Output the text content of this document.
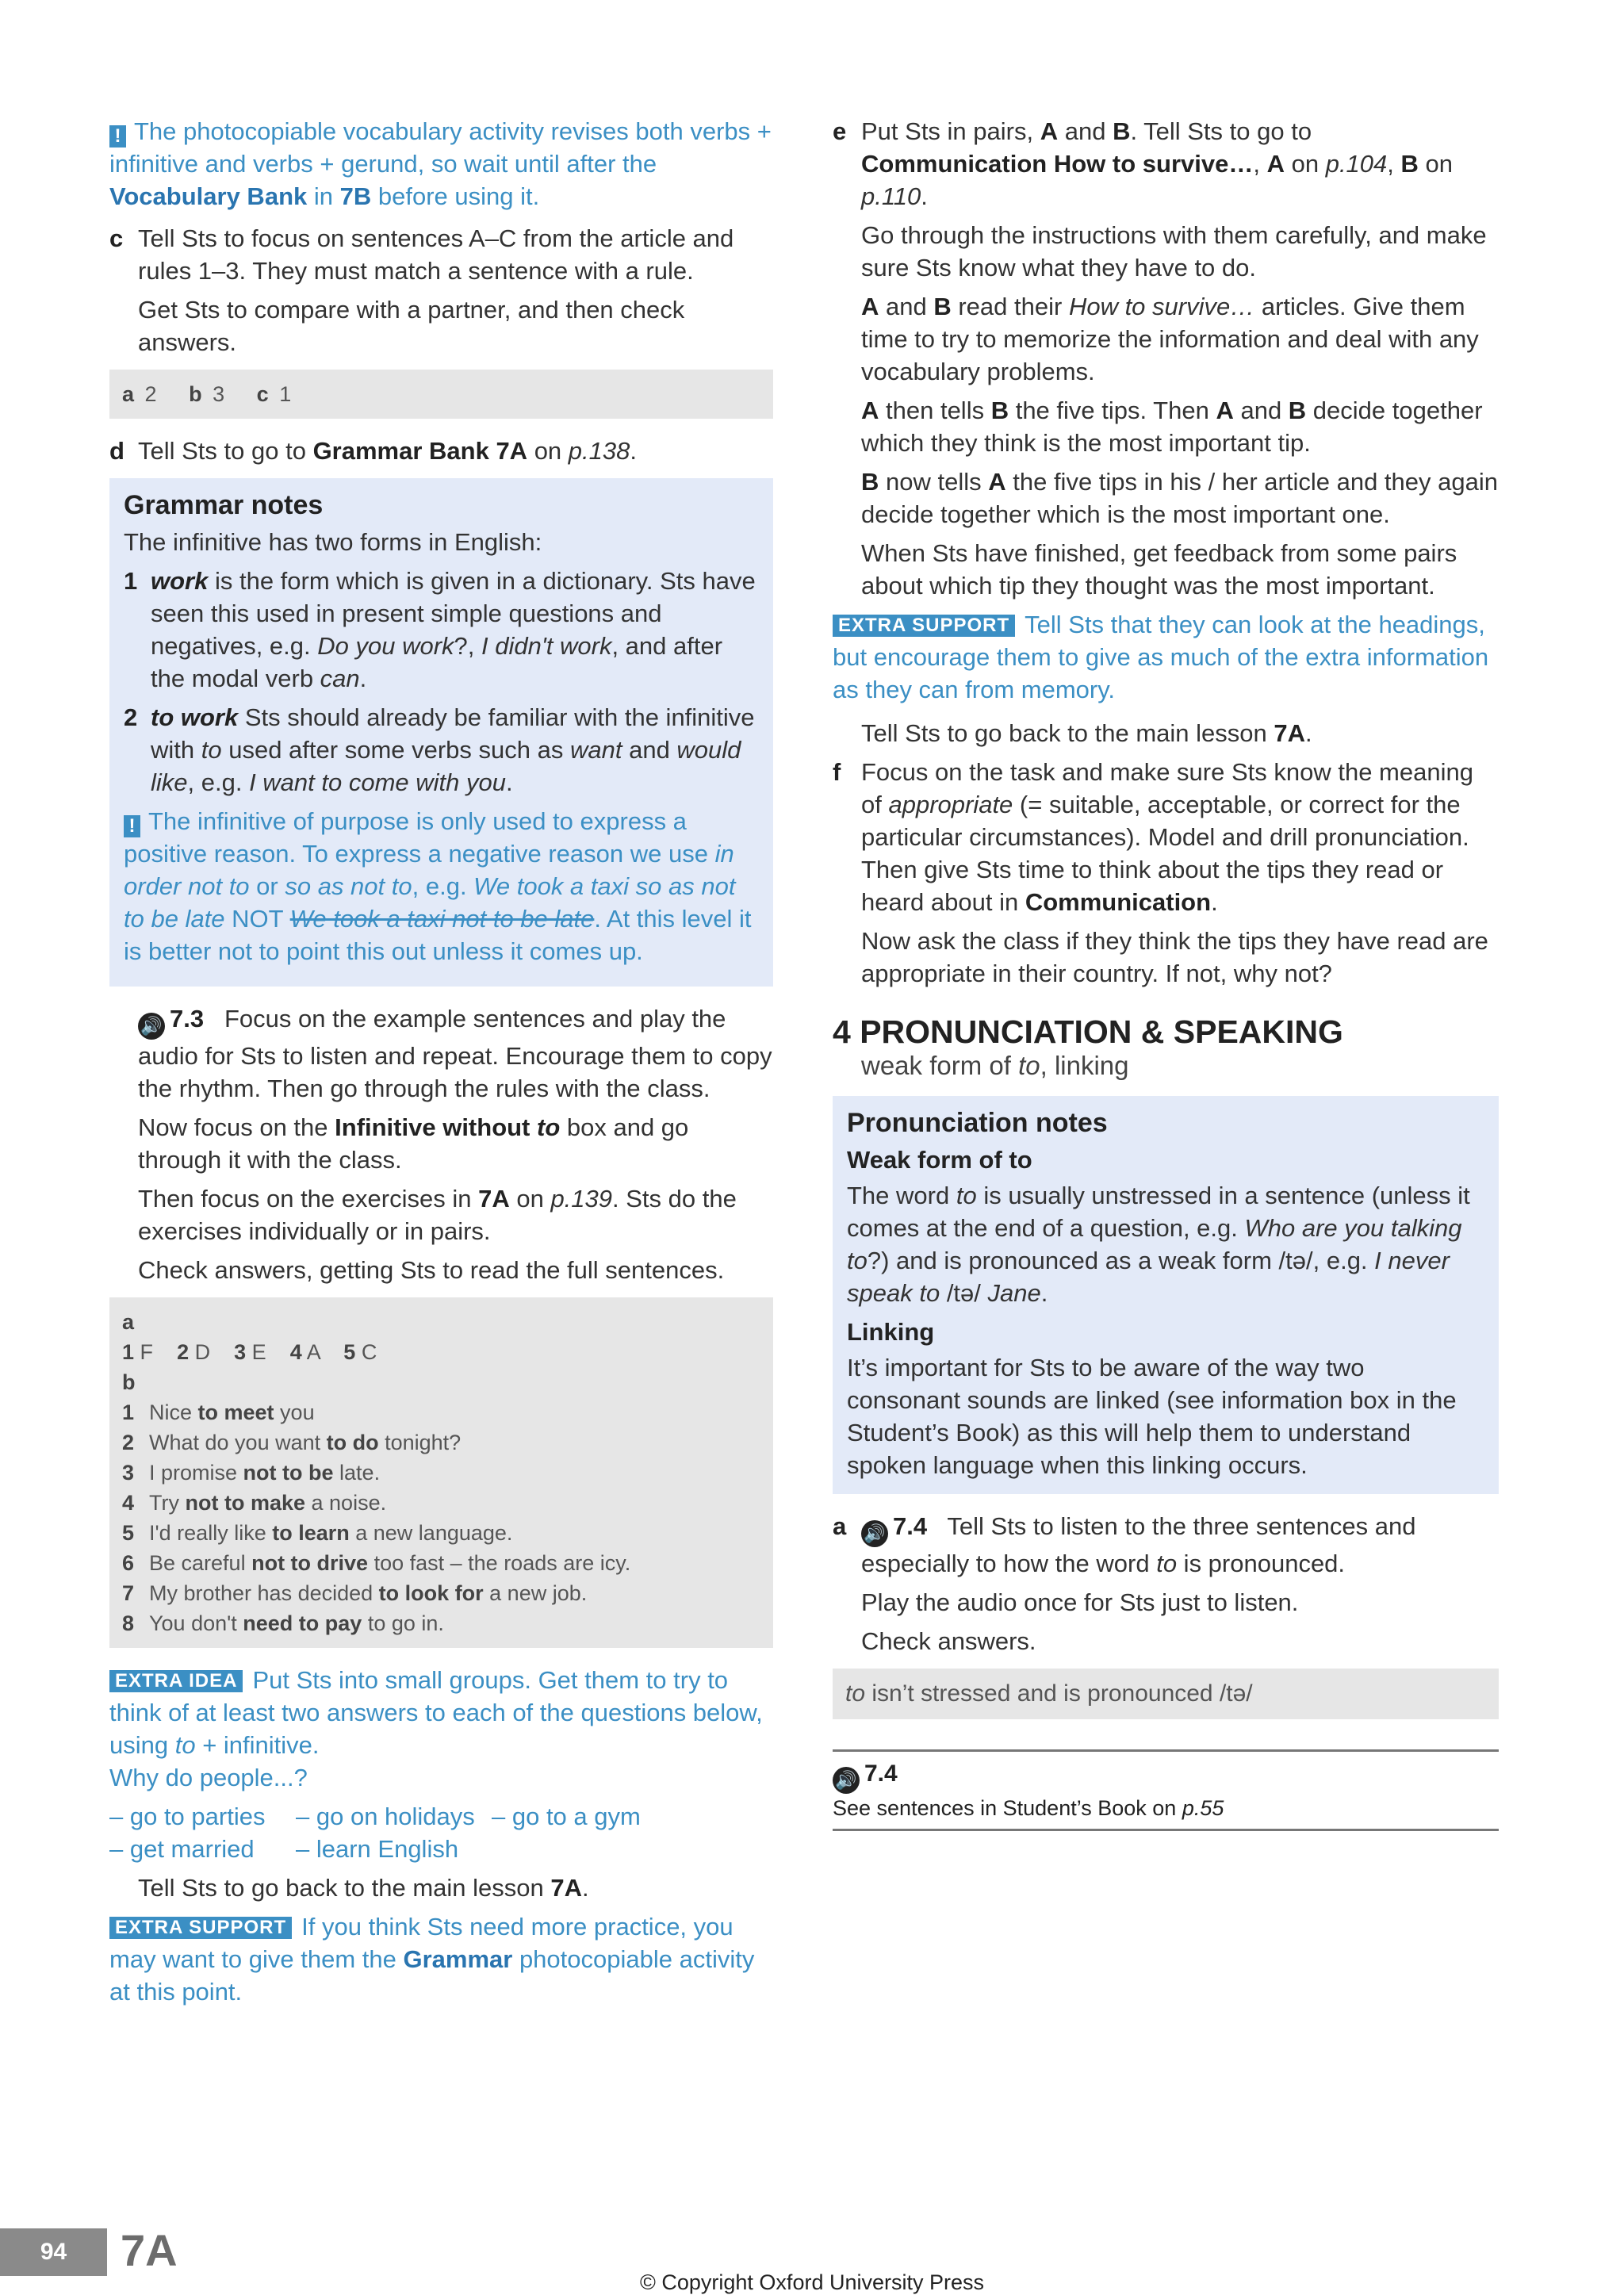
! The photocopiable vocabulary activity revises both verbs + infinitive and verbs + gerund, so wait until after the Vocabulary Bank in 7B before using it.

c Tell Sts to focus on sentences A–C from the article and rules 1–3. They must match a sentence with a rule.

Get Sts to compare with a partner, and then check answers.

a 2 b 3 c 1
d Tell Sts to go to Grammar Bank 7A on p.138.

Grammar notes

The infinitive has two forms in English:

1 work is the form which is given in a dictionary. Sts have seen this used in present simple questions and negatives, e.g. Do you work?, I didn't work, and after the modal verb can.
2 to work Sts should already be familiar with the infinitive with to used after some verbs such as want and would like, e.g. I want to come with you.

! The infinitive of purpose is only used to express a positive reason. To express a negative reason we use in order not to or so as not to, e.g. We took a taxi so as not to be late NOT We took a taxi not to be late. At this level it is better not to point this out unless it comes up.

🔊 7.3 Focus on the example sentences and play the audio for Sts to listen and repeat. Encourage them to copy the rhythm. Then go through the rules with the class.

Now focus on the Infinitive without to box and go through it with the class.

Then focus on the exercises in 7A on p.139. Sts do the exercises individually or in pairs.

Check answers, getting Sts to read the full sentences.

a
1 F 2 D 3 E 4 A 5 C
b
1 Nice to meet you
2 What do you want to do tonight?
3 I promise not to be late.
4 Try not to make a noise.
5 I'd really like to learn a new language.
6 Be careful not to drive too fast – the roads are icy.
7 My brother has decided to look for a new job.
8 You don't need to pay to go in.

EXTRA IDEA Put Sts into small groups. Get them to try to think of at least two answers to each of the questions below, using to + infinitive.
Why do people...?

– go to parties – go on holidays – go to a gym
– get married – learn English

Tell Sts to go back to the main lesson 7A.

EXTRA SUPPORT If you think Sts need more practice, you may want to give them the Grammar photocopiable activity at this point.

e Put Sts in pairs, A and B. Tell Sts to go to Communication How to survive…, A on p.104, B on p.110.

Go through the instructions with them carefully, and make sure Sts know what they have to do.

A and B read their How to survive… articles. Give them time to try to memorize the information and deal with any vocabulary problems.

A then tells B the five tips. Then A and B decide together which they think is the most important tip.

B now tells A the five tips in his / her article and they again decide together which is the most important one.

When Sts have finished, get feedback from some pairs about which tip they thought was the most important.

EXTRA SUPPORT Tell Sts that they can look at the headings, but encourage them to give as much of the extra information as they can from memory.

Tell Sts to go back to the main lesson 7A.

f Focus on the task and make sure Sts know the meaning of appropriate (= suitable, acceptable, or correct for the particular circumstances). Model and drill pronunciation. Then give Sts time to think about the tips they read or heard about in Communication.

Now ask the class if they think the tips they have read are appropriate in their country. If not, why not?

4 PRONUNCIATION & SPEAKING
weak form of to, linking
Pronunciation notes
Weak form of to

The word to is usually unstressed in a sentence (unless it comes at the end of a question, e.g. Who are you talking to?) and is pronounced as a weak form /tə/, e.g. I never speak to /tə/ Jane.

Linking

It’s important for Sts to be aware of the way two consonant sounds are linked (see information box in the Student’s Book) as this will help them to understand spoken language when this linking occurs.

a 🔊 7.4 Tell Sts to listen to the three sentences and especially to how the word to is pronounced.

Play the audio once for Sts just to listen.

Check answers.

to isn’t stressed and is pronounced /tə/
🔊 7.4
See sentences in Student’s Book on p.55
94	7A
© Copyright Oxford University Press
